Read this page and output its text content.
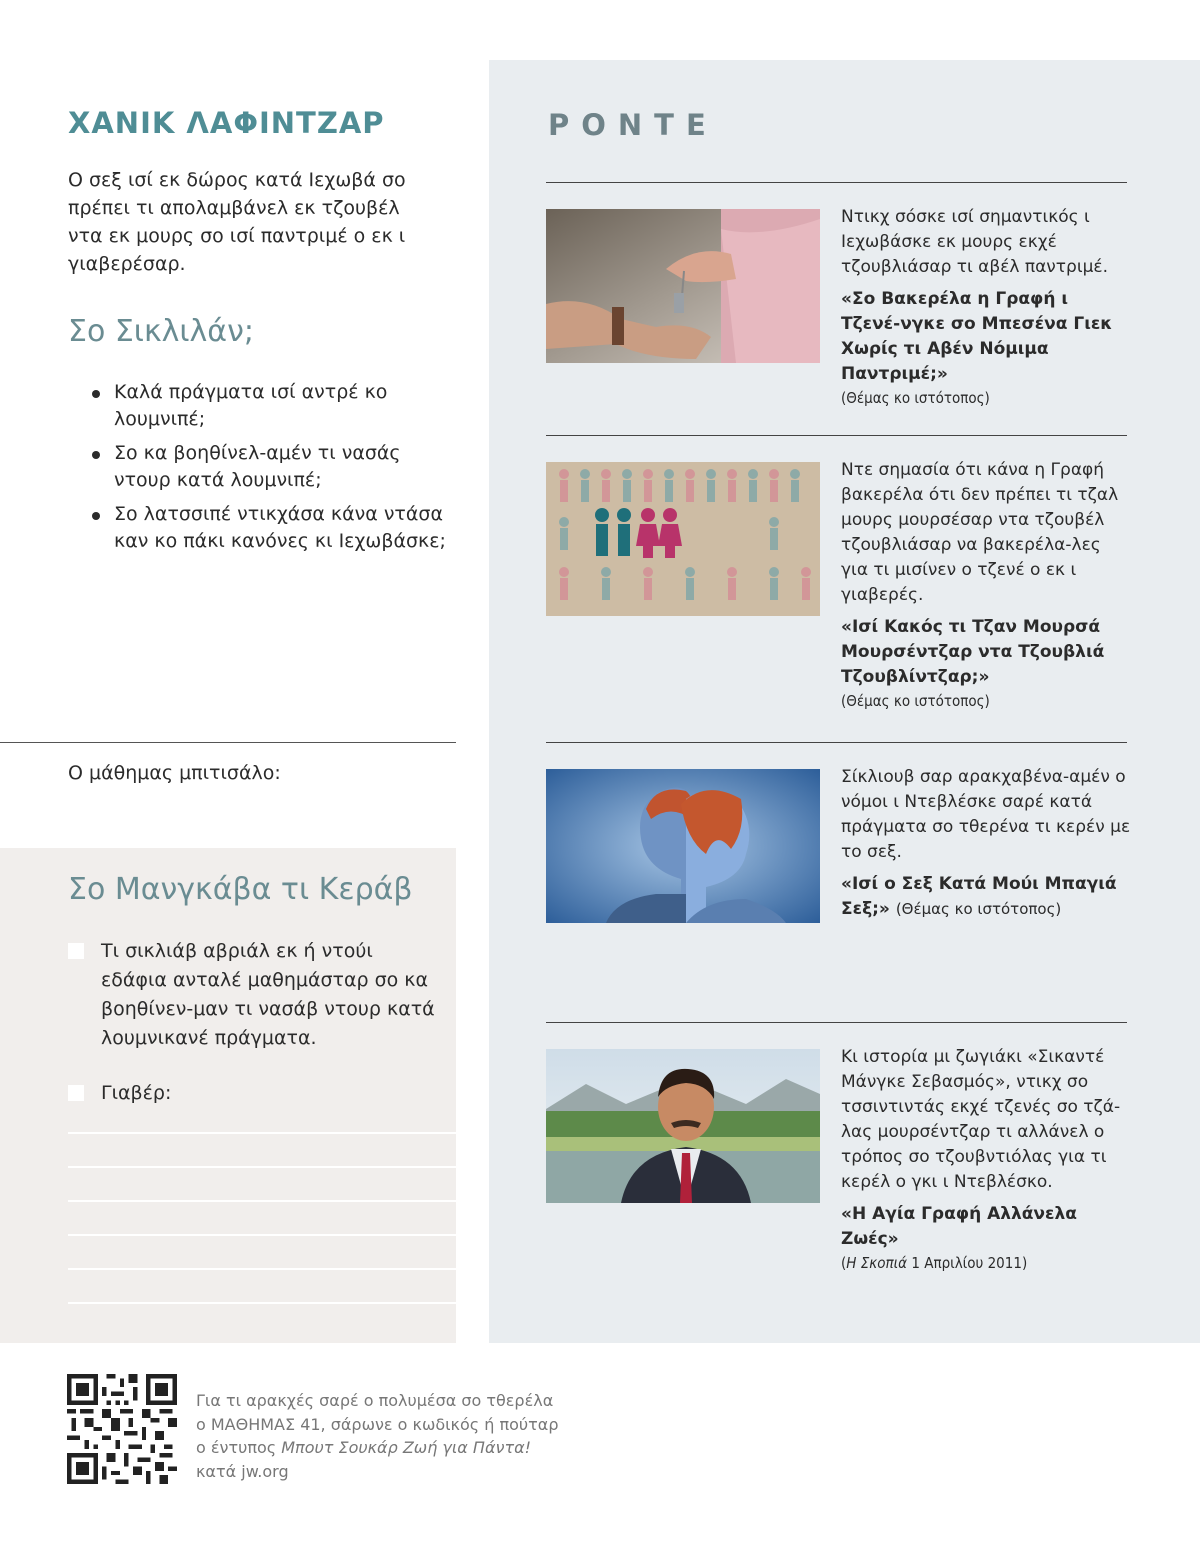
ΧΑΝΙΚ ΛΑΦΙΝΤΖΑΡ

Ο σεξ ισί εκ δώρος κατά Ιεχωβά σο πρέπει τι απολαμβάνελ εκ τζουβέλ ντα εκ μουρς σο ισί παντριμέ ο εκ ι γιαβερέσαρ.

Σο Σικλιλάν;
Καλά πράγματα ισί αντρέ κο λουμνιπέ;
Σο κα βοηθίνελ-αμέν τι νασάς ντουρ κατά λουμνιπέ;
Σο λατσσιπέ ντικχάσα κάνα ντάσα καν κο πάκι κανόνες κι Ιεχωβάσκε;
Ο μάθημας μπιτισάλο:
Σο Μανγκάβα τι Κεράβ
Τι σικλιάβ αβριάλ εκ ή ντούι εδάφια ανταλέ μαθημάσταρ σο κα βοηθίνεν-μαν τι νασάβ ντουρ κατά λουμνικανέ πράγματα.
Γιαβέρ:
ΡΟΝΤΕ
Ντικχ σόσκε ισί σημαντικός ι Ιεχωβάσκε εκ μουρς εκχέ τζουβλιάσαρ τι αβέλ παντριμέ.
«Σο Βακερέλα η Γραφή ι Τζενέ-νγκε σο Μπεσένα Γιεκ Χωρίς τι Αβέν Νόμιμα Παντριμέ;»
(Θέμας κο ιστότοπος)
Ντε σημασία ότι κάνα η Γραφή βακερέλα ότι δεν πρέπει τι τζαλ μουρς μουρσέσαρ ντα τζουβέλ τζουβλιάσαρ να βακερέλα-λες για τι μισίνεν ο τζενέ ο εκ ι γιαβερές.
«Ισί Κακός τι Τζαν Μουρσά Μουρσέντζαρ ντα Τζουβλιά Τζουβλίντζαρ;»
(Θέμας κο ιστότοπος)
Σίκλιουβ σαρ αρακχαβένα-αμέν ο νόμοι ι Ντεβλέσκε σαρέ κατά πράγματα σο τθερένα τι κερέν με το σεξ.
«Ισί ο Σεξ Κατά Μούι Μπαγιά Σεξ;» (Θέμας κο ιστότοπος)
Κι ιστορία μι ζωγιάκι «Σικαντέ Μάνγκε Σεβασμός», ντικχ σο τσσιντιντάς εκχέ τζενές σο τζά-λας μουρσέντζαρ τι αλλάνελ ο τρόπος σο τζουβντιόλας για τι κερέλ ο γκι ι Ντεβλέσκο.
«Η Αγία Γραφή Αλλάνελα Ζωές»
(Η Σκοπιά 1 Απριλίου 2011)
Για τι αρακχές σαρέ ο πολυμέσα σο τθερέλα
ο ΜΑΘΗΜΑΣ 41, σάρωνε ο κωδικός ή πούταρ
ο έντυπος Μπουτ Σουκάρ Ζωή για Πάντα!
κατά jw.org
